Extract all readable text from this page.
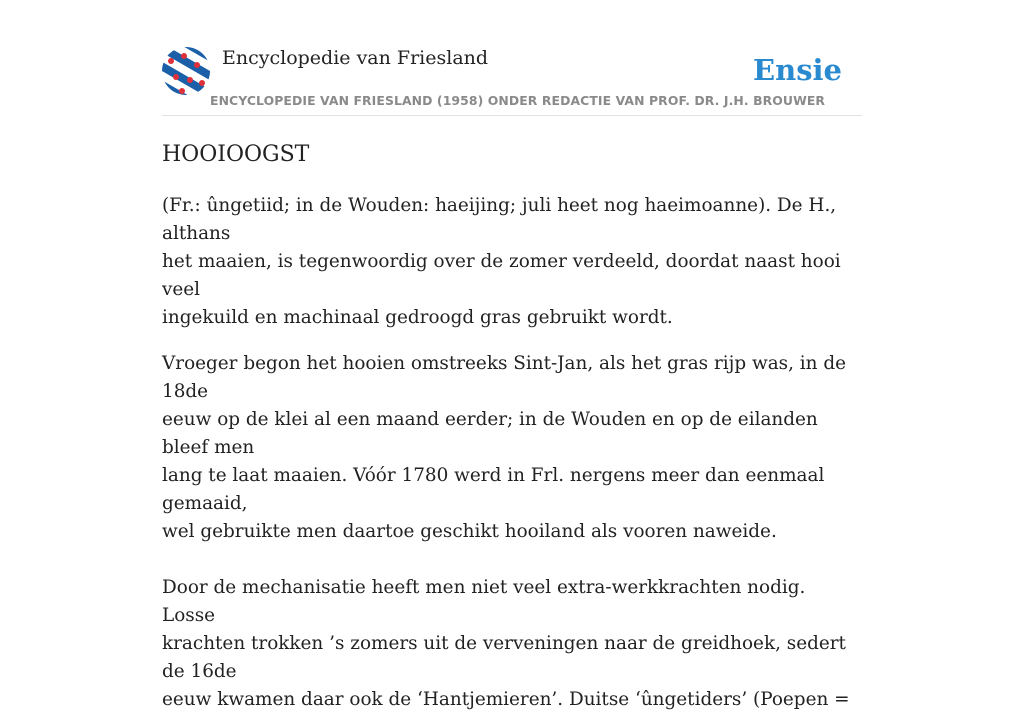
Encyclopedie van Friesland	Ensie
ENCYCLOPEDIE VAN FRIESLAND (1958) ONDER REDACTIE VAN PROF. DR. J.H. BROUWER
HOOIOOGST

(Fr.: ûngetiid; in de Wouden: haeijing; juli heet nog haeimoanne). De H., althans
het maaien, is tegenwoordig over de zomer verdeeld, doordat naast hooi veel
ingekuild en machinaal gedroogd gras gebruikt wordt.

Vroeger begon het hooien omstreeks Sint-Jan, als het gras rijp was, in de 18de
eeuw op de klei al een maand eerder; in de Wouden en op de eilanden bleef men
lang te laat maaien. Vóór 1780 werd in Frl. nergens meer dan eenmaal gemaaid,
wel gebruikte men daartoe geschikt hooiland als vooren naweide.

Door de mechanisatie heeft men niet veel extra-werkkrachten nodig. Losse
krachten trokken ’s zomers uit de verveningen naar de greidhoek, sedert de 16de
eeuw kwamen daar ook de ‘Hantjemieren’. Duitse ‘ûngetiders’ (Poepen =
